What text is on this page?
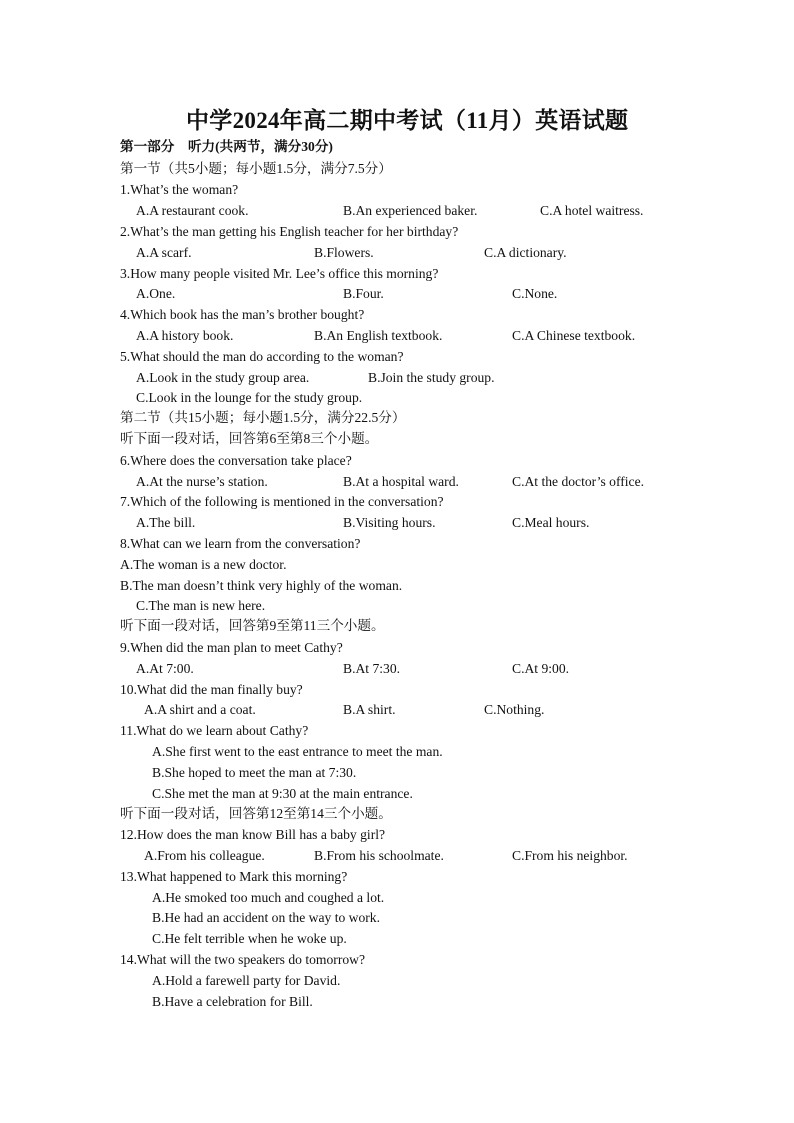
中学2024年高二期中考试（11月）英语试题
第一部分　听力(共两节，满分30分)
第一节（共5小题；每小题1.5分，满分7.5分）
1.What’s the woman?
A.A restaurant cook.	B.An experienced baker.	C.A hotel waitress.
2.What’s the man getting his English teacher for her birthday?
A.A scarf.	B.Flowers.	C.A dictionary.
3.How many people visited Mr. Lee’s office this morning?
A.One.	B.Four.	C.None.
4.Which book has the man’s brother bought?
A.A history book.	B.An English textbook.	C.A Chinese textbook.
5.What should the man do according to the woman?
A.Look in the study group area.	B.Join the study group.
C.Look in the lounge for the study group.
第二节（共15小题；每小题1.5分，满分22.5分）
听下面一段对话，回答第6至第8三个小题。
6.Where does the conversation take place?
A.At the nurse’s station.	B.At a hospital ward.	C.At the doctor’s office.
7.Which of the following is mentioned in the conversation?
A.The bill.	B.Visiting hours.	C.Meal hours.
8.What can we learn from the conversation?
A.The woman is a new doctor.
B.The man doesn’t think very highly of the woman.
C.The man is new here.
听下面一段对话，回答第9至第11三个小题。
9.When did the man plan to meet Cathy?
A.At 7:00.	B.At 7:30.	C.At 9:00.
10.What did the man finally buy?
A.A shirt and a coat.	B.A shirt.	C.Nothing.
11.What do we learn about Cathy?
A.She first went to the east entrance to meet the man.
B.She hoped to meet the man at 7:30.
C.She met the man at 9:30 at the main entrance.
听下面一段对话，回答第12至第14三个小题。
12.How does the man know Bill has a baby girl?
A.From his colleague.	B.From his schoolmate.	C.From his neighbor.
13.What happened to Mark this morning?
A.He smoked too much and coughed a lot.
B.He had an accident on the way to work.
C.He felt terrible when he woke up.
14.What will the two speakers do tomorrow?
A.Hold a farewell party for David.
B.Have a celebration for Bill.
